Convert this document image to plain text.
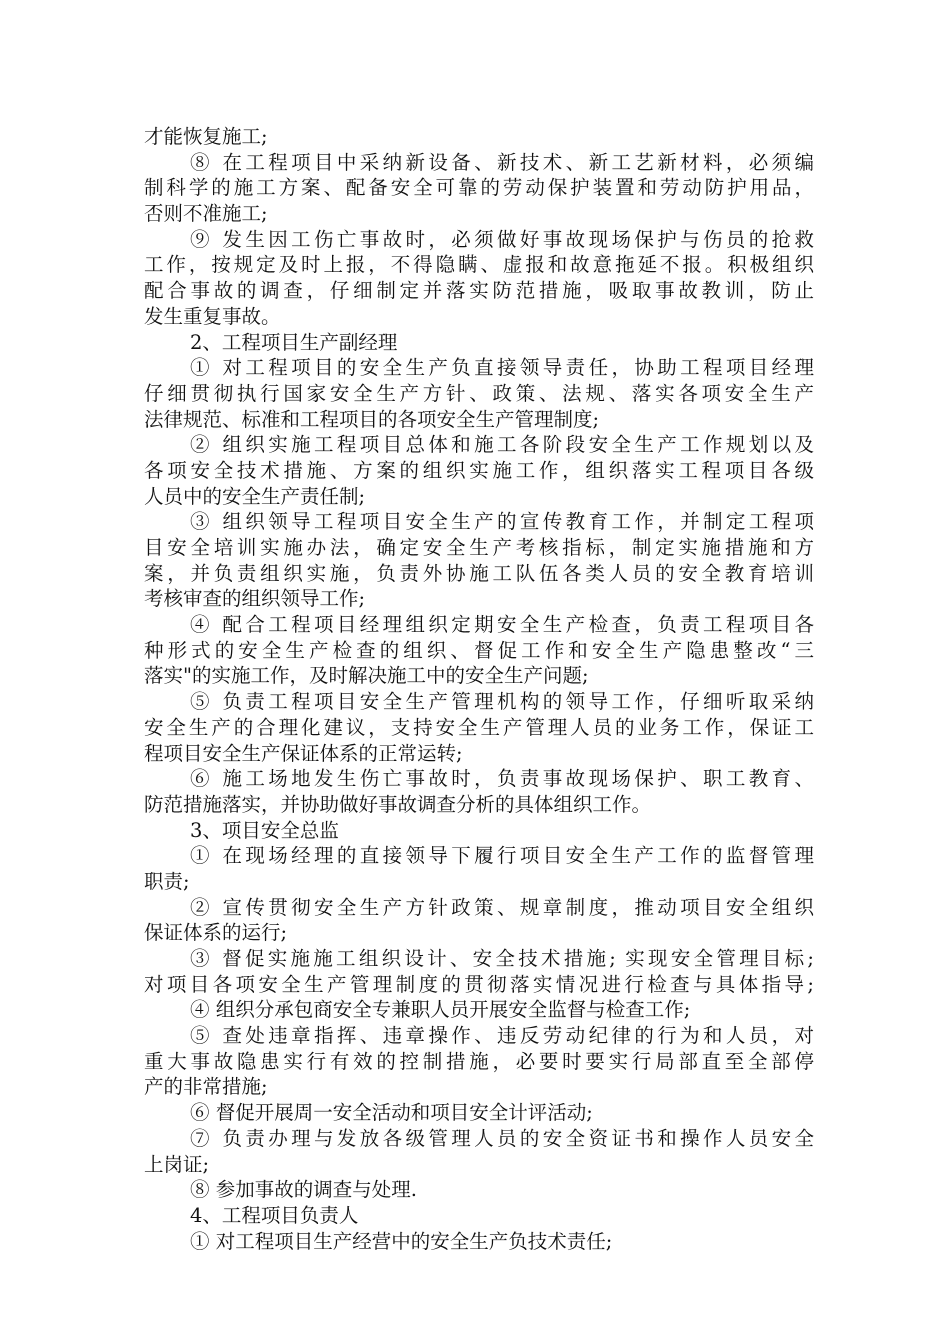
才能恢复施工;
⑧ 在工程项目中采纳新设备、新技术、新工艺新材料，必须编
制科学的施工方案、配备安全可靠的劳动保护装置和劳动防护用品，
否则不准施工;
⑨ 发生因工伤亡事故时，必须做好事故现场保护与伤员的抢救
工作，按规定及时上报，不得隐瞒、虚报和故意拖延不报。积极组织
配合事故的调查，仔细制定并落实防范措施，吸取事故教训，防止
发生重复事故。
2、工程项目生产副经理
① 对工程项目的安全生产负直接领导责任，协助工程项目经理
仔细贯彻执行国家安全生产方针、政策、法规、落实各项安全生产
法律规范、标准和工程项目的各项安全生产管理制度;
② 组织实施工程项目总体和施工各阶段安全生产工作规划以及
各项安全技术措施、方案的组织实施工作，组织落实工程项目各级
人员中的安全生产责任制;
③ 组织领导工程项目安全生产的宣传教育工作，并制定工程项
目安全培训实施办法，确定安全生产考核指标，制定实施措施和方
案，并负责组织实施，负责外协施工队伍各类人员的安全教育培训
考核审查的组织领导工作;
④ 配合工程项目经理组织定期安全生产检查，负责工程项目各
种形式的安全生产检查的组织、督促工作和安全生产隐患整改“三
落实"的实施工作，及时解决施工中的安全生产问题;
⑤ 负责工程项目安全生产管理机构的领导工作，仔细听取采纳
安全生产的合理化建议，支持安全生产管理人员的业务工作，保证工
程项目安全生产保证体系的正常运转;
⑥ 施工场地发生伤亡事故时，负责事故现场保护、职工教育、
防范措施落实，并协助做好事故调查分析的具体组织工作。
3、项目安全总监
① 在现场经理的直接领导下履行项目安全生产工作的监督管理
职责;
② 宣传贯彻安全生产方针政策、规章制度，推动项目安全组织
保证体系的运行;
③ 督促实施施工组织设计、安全技术措施; 实现安全管理目标;
对项目各项安全生产管理制度的贯彻落实情况进行检查与具体指导;
④ 组织分承包商安全专兼职人员开展安全监督与检查工作;
⑤ 查处违章指挥、违章操作、违反劳动纪律的行为和人员，对
重大事故隐患实行有效的控制措施，必要时要实行局部直至全部停
产的非常措施;
⑥ 督促开展周一安全活动和项目安全计评活动;
⑦ 负责办理与发放各级管理人员的安全资证书和操作人员安全
上岗证;
⑧ 参加事故的调查与处理.
4、工程项目负责人
① 对工程项目生产经营中的安全生产负技术责任;
